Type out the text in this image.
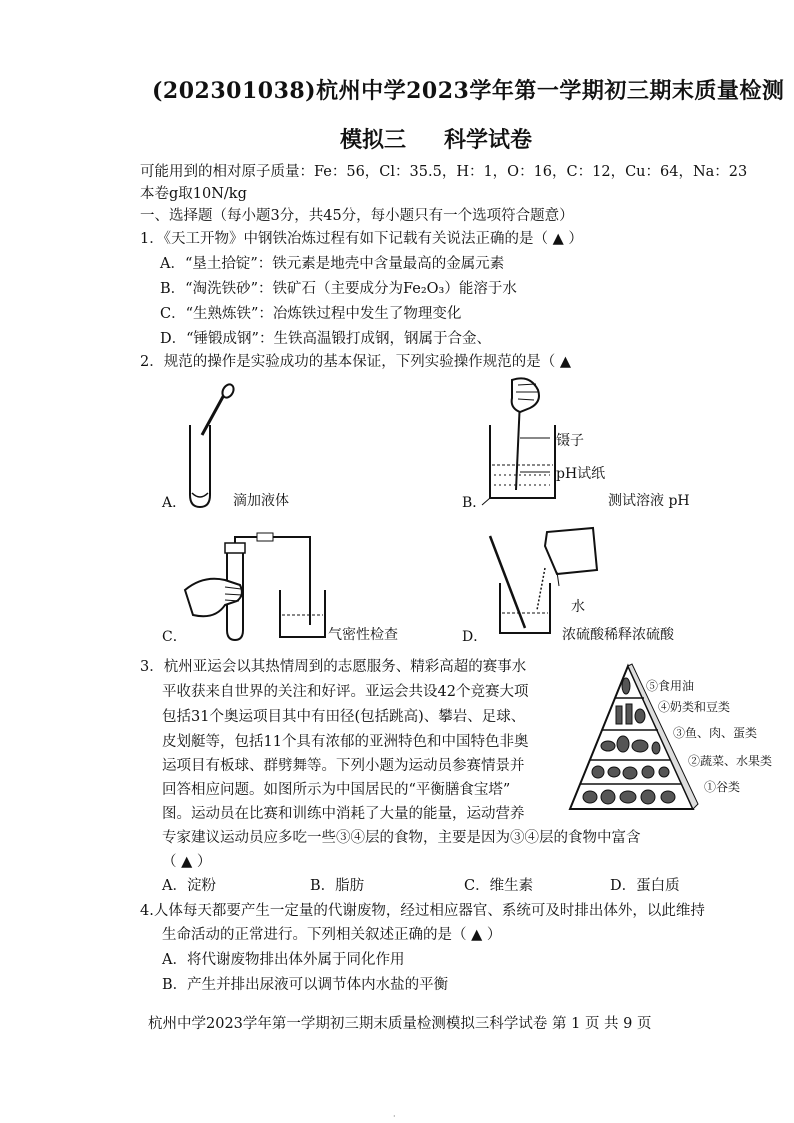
(202301038)杭州中学2023学年第一学期初三期末质量检测
模拟三 科学试卷
可能用到的相对原子质量：Fe：56，Cl：35.5，H：1，O：16，C：12，Cu：64，Na：23
本卷g取10N/kg
一、选择题（每小题3分，共45分，每小题只有一个选项符合题意）
1．《天工开物》中钢铁冶炼过程有如下记载有关说法正确的是（ ▲ ）
A．“垦土拾锭”：铁元素是地壳中含量最高的金属元素
B．“淘洗铁砂”：铁矿石（主要成分为Fe₂O₃）能溶于水
C．“生熟炼铁”：冶炼铁过程中发生了物理变化
D．“锤锻成钢”：生铁高温锻打成钢，钢属于合金、
2．规范的操作是实验成功的基本保证，下列实验操作规范的是（ ▲
A．	滴加液体
镊子
pH试纸
B．	测试溶液 pH
C．	气密性检查
水
D．	浓硫酸稀释浓硫酸
3．杭州亚运会以其热情周到的志愿服务、精彩高超的赛事水
平收获来自世界的关注和好评。亚运会共设42个竞赛大项
包括31个奥运项目其中有田径(包括跳高)、攀岩、足球、
皮划艇等，包括11个具有浓郁的亚洲特色和中国特色非奥
运项目有板球、群劈舞等。下列小题为运动员参赛情景并
回答相应问题。如图所示为中国居民的“平衡膳食宝塔”
图。运动员在比赛和训练中消耗了大量的能量，运动营养
专家建议运动员应多吃一些③④层的食物，主要是因为③④层的食物中富含
（ ▲ ）
⑤食用油
④奶类和豆类
③鱼、肉、蛋类
②蔬菜、水果类
①谷类
A．淀粉	B．脂肪	C．维生素	D．蛋白质
4.人体每天都要产生一定量的代谢废物，经过相应器官、系统可及时排出体外，以此维持
生命活动的正常进行。下列相关叙述正确的是（ ▲ ）
A．将代谢废物排出体外属于同化作用
B．产生并排出尿液可以调节体内水盐的平衡
杭州中学2023学年第一学期初三期末质量检测模拟三科学试卷 第 1 页 共 9 页
·
